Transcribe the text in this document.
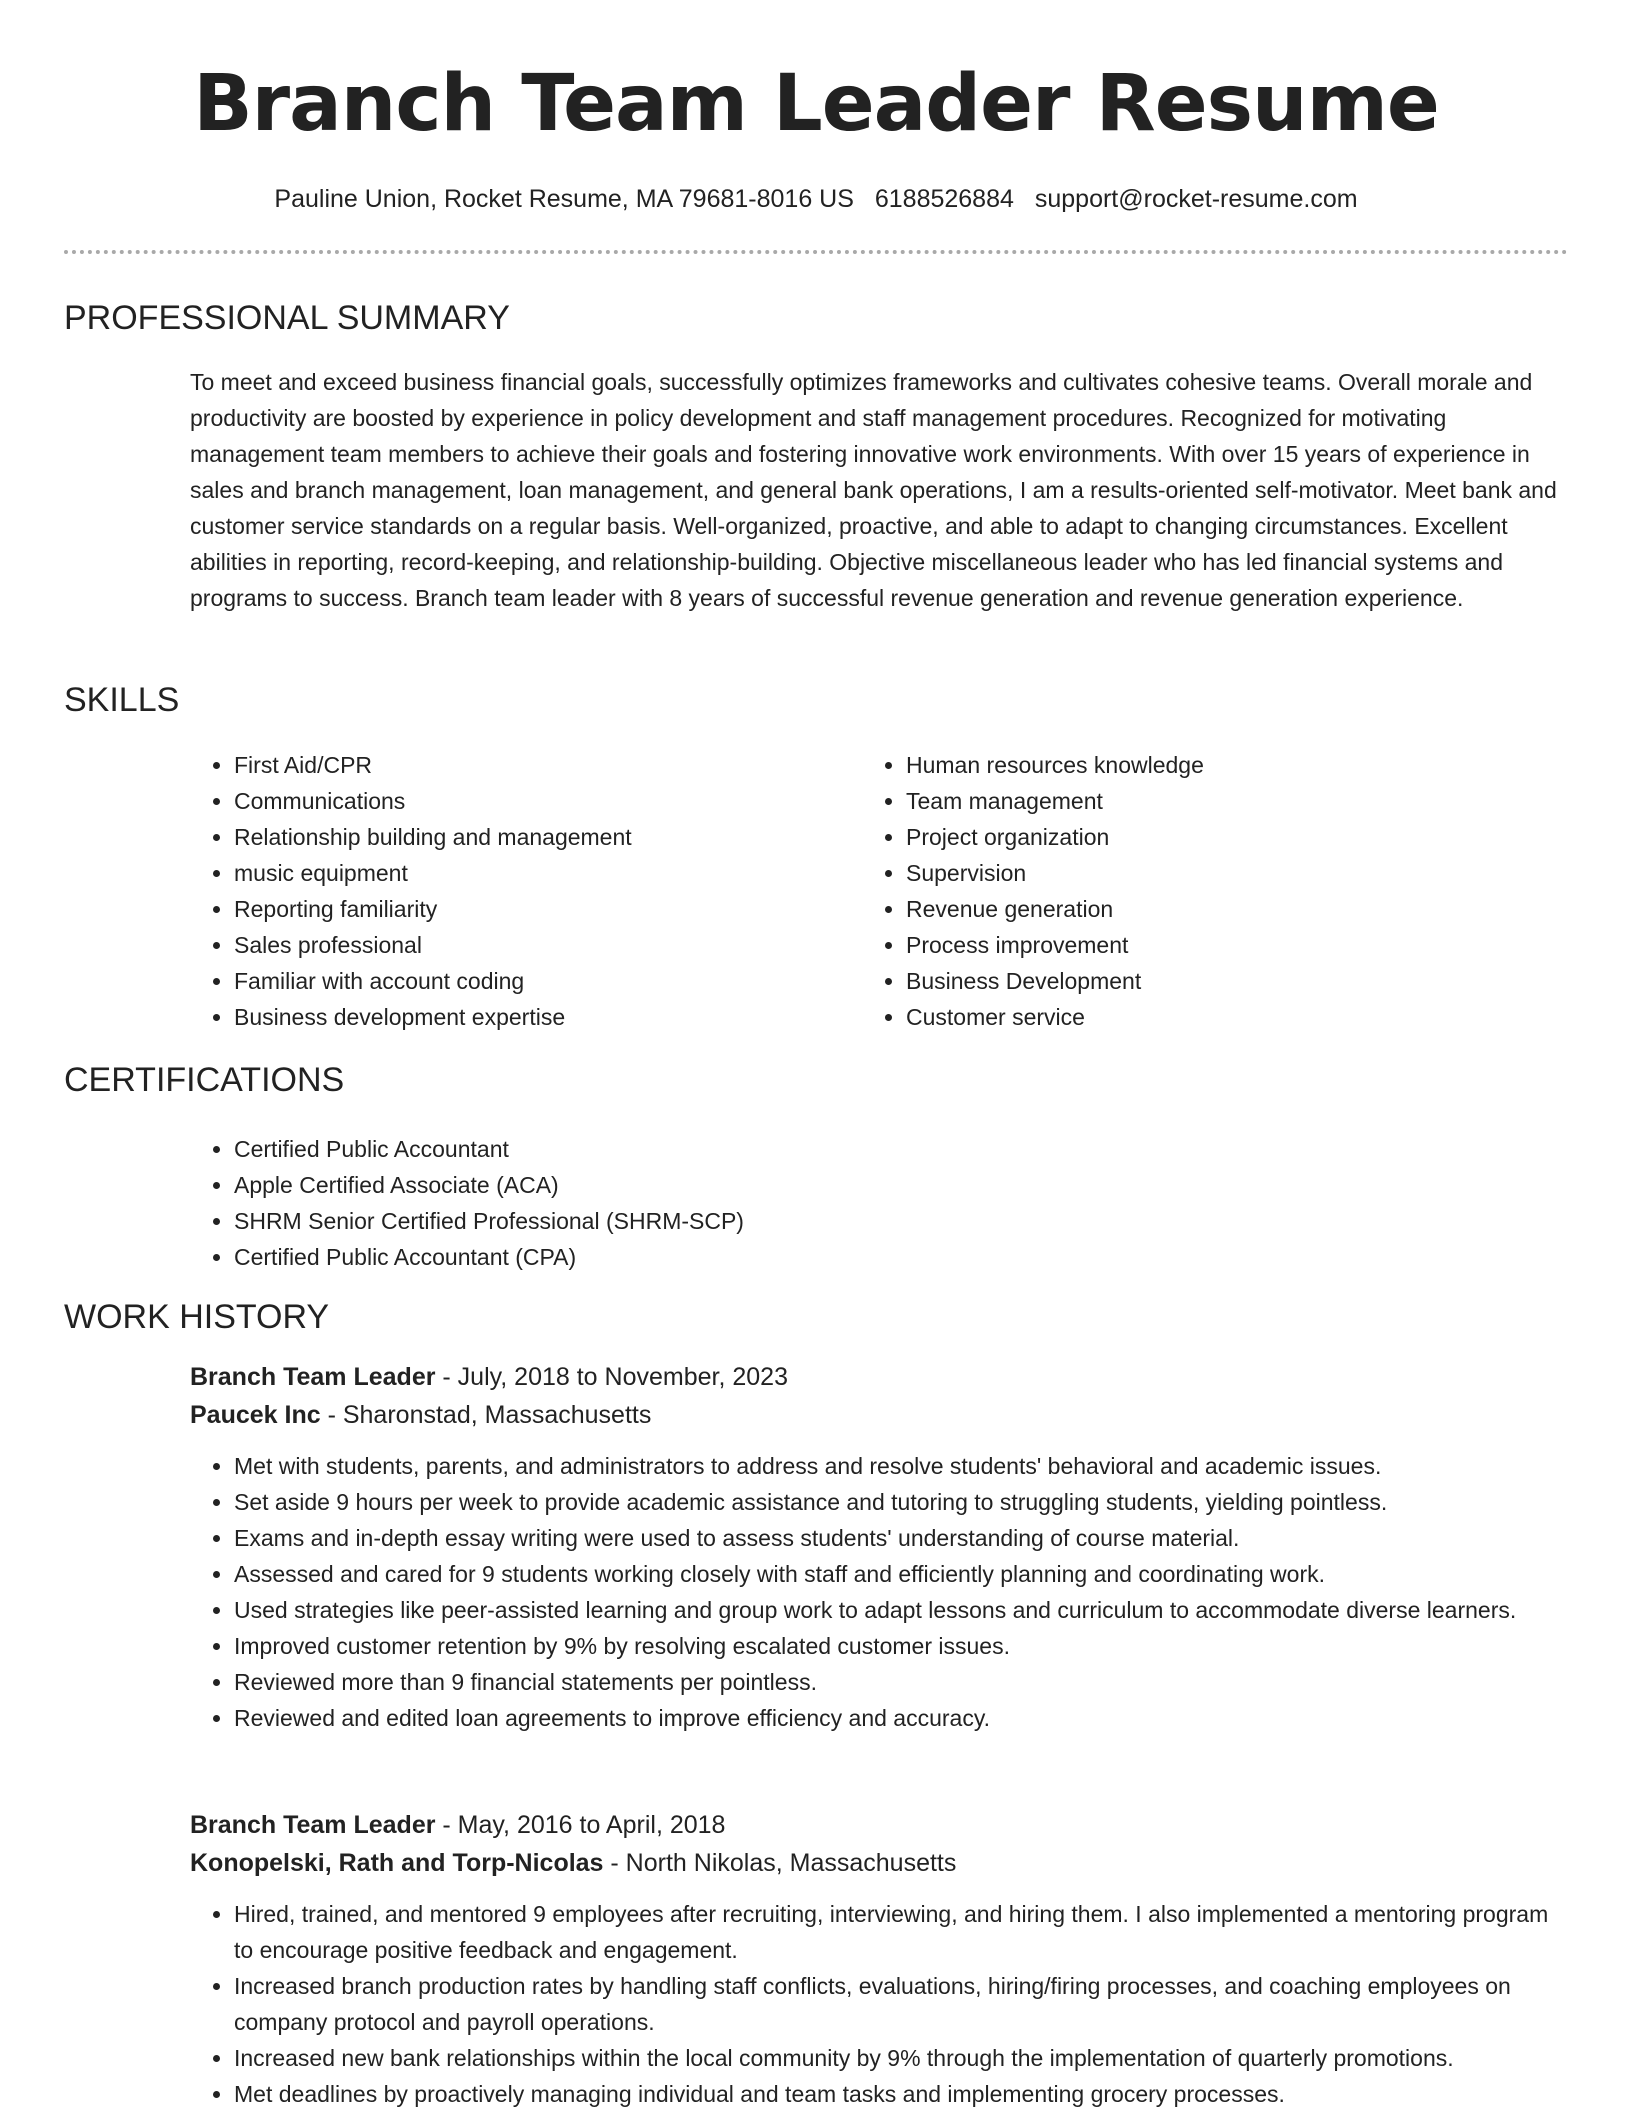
Branch Team Leader Resume
Pauline Union, Rocket Resume, MA 79681-8016 US 6188526884 support@rocket-resume.com
PROFESSIONAL SUMMARY

To meet and exceed business financial goals, successfully optimizes frameworks and cultivates cohesive teams. Overall morale and productivity are boosted by experience in policy development and staff management procedures. Recognized for motivating management team members to achieve their goals and fostering innovative work environments. With over 15 years of experience in sales and branch management, loan management, and general bank operations, I am a results-oriented self-motivator. Meet bank and customer service standards on a regular basis. Well-organized, proactive, and able to adapt to changing circumstances. Excellent abilities in reporting, record-keeping, and relationship-building. Objective miscellaneous leader who has led financial systems and programs to success. Branch team leader with 8 years of successful revenue generation and revenue generation experience.

SKILLS
• First Aid/CPR
• Communications
• Relationship building and management
• music equipment
• Reporting familiarity
• Sales professional
• Familiar with account coding
• Business development expertise
• Human resources knowledge
• Team management
• Project organization
• Supervision
• Revenue generation
• Process improvement
• Business Development
• Customer service
CERTIFICATIONS
• Certified Public Accountant
• Apple Certified Associate (ACA)
• SHRM Senior Certified Professional (SHRM-SCP)
• Certified Public Accountant (CPA)
WORK HISTORY

Branch Team Leader - July, 2018 to November, 2023

Paucek Inc - Sharonstad, Massachusetts

• Met with students, parents, and administrators to address and resolve students' behavioral and academic issues.
• Set aside 9 hours per week to provide academic assistance and tutoring to struggling students, yielding pointless.
• Exams and in-depth essay writing were used to assess students' understanding of course material.
• Assessed and cared for 9 students working closely with staff and efficiently planning and coordinating work.
• Used strategies like peer-assisted learning and group work to adapt lessons and curriculum to accommodate diverse learners.
• Improved customer retention by 9% by resolving escalated customer issues.
• Reviewed more than 9 financial statements per pointless.
• Reviewed and edited loan agreements to improve efficiency and accuracy.

Branch Team Leader - May, 2016 to April, 2018

Konopelski, Rath and Torp-Nicolas - North Nikolas, Massachusetts

• Hired, trained, and mentored 9 employees after recruiting, interviewing, and hiring them. I also implemented a mentoring program to encourage positive feedback and engagement.
• Increased branch production rates by handling staff conflicts, evaluations, hiring/firing processes, and coaching employees on company protocol and payroll operations.
• Increased new bank relationships within the local community by 9% through the implementation of quarterly promotions.
• Met deadlines by proactively managing individual and team tasks and implementing grocery processes.
